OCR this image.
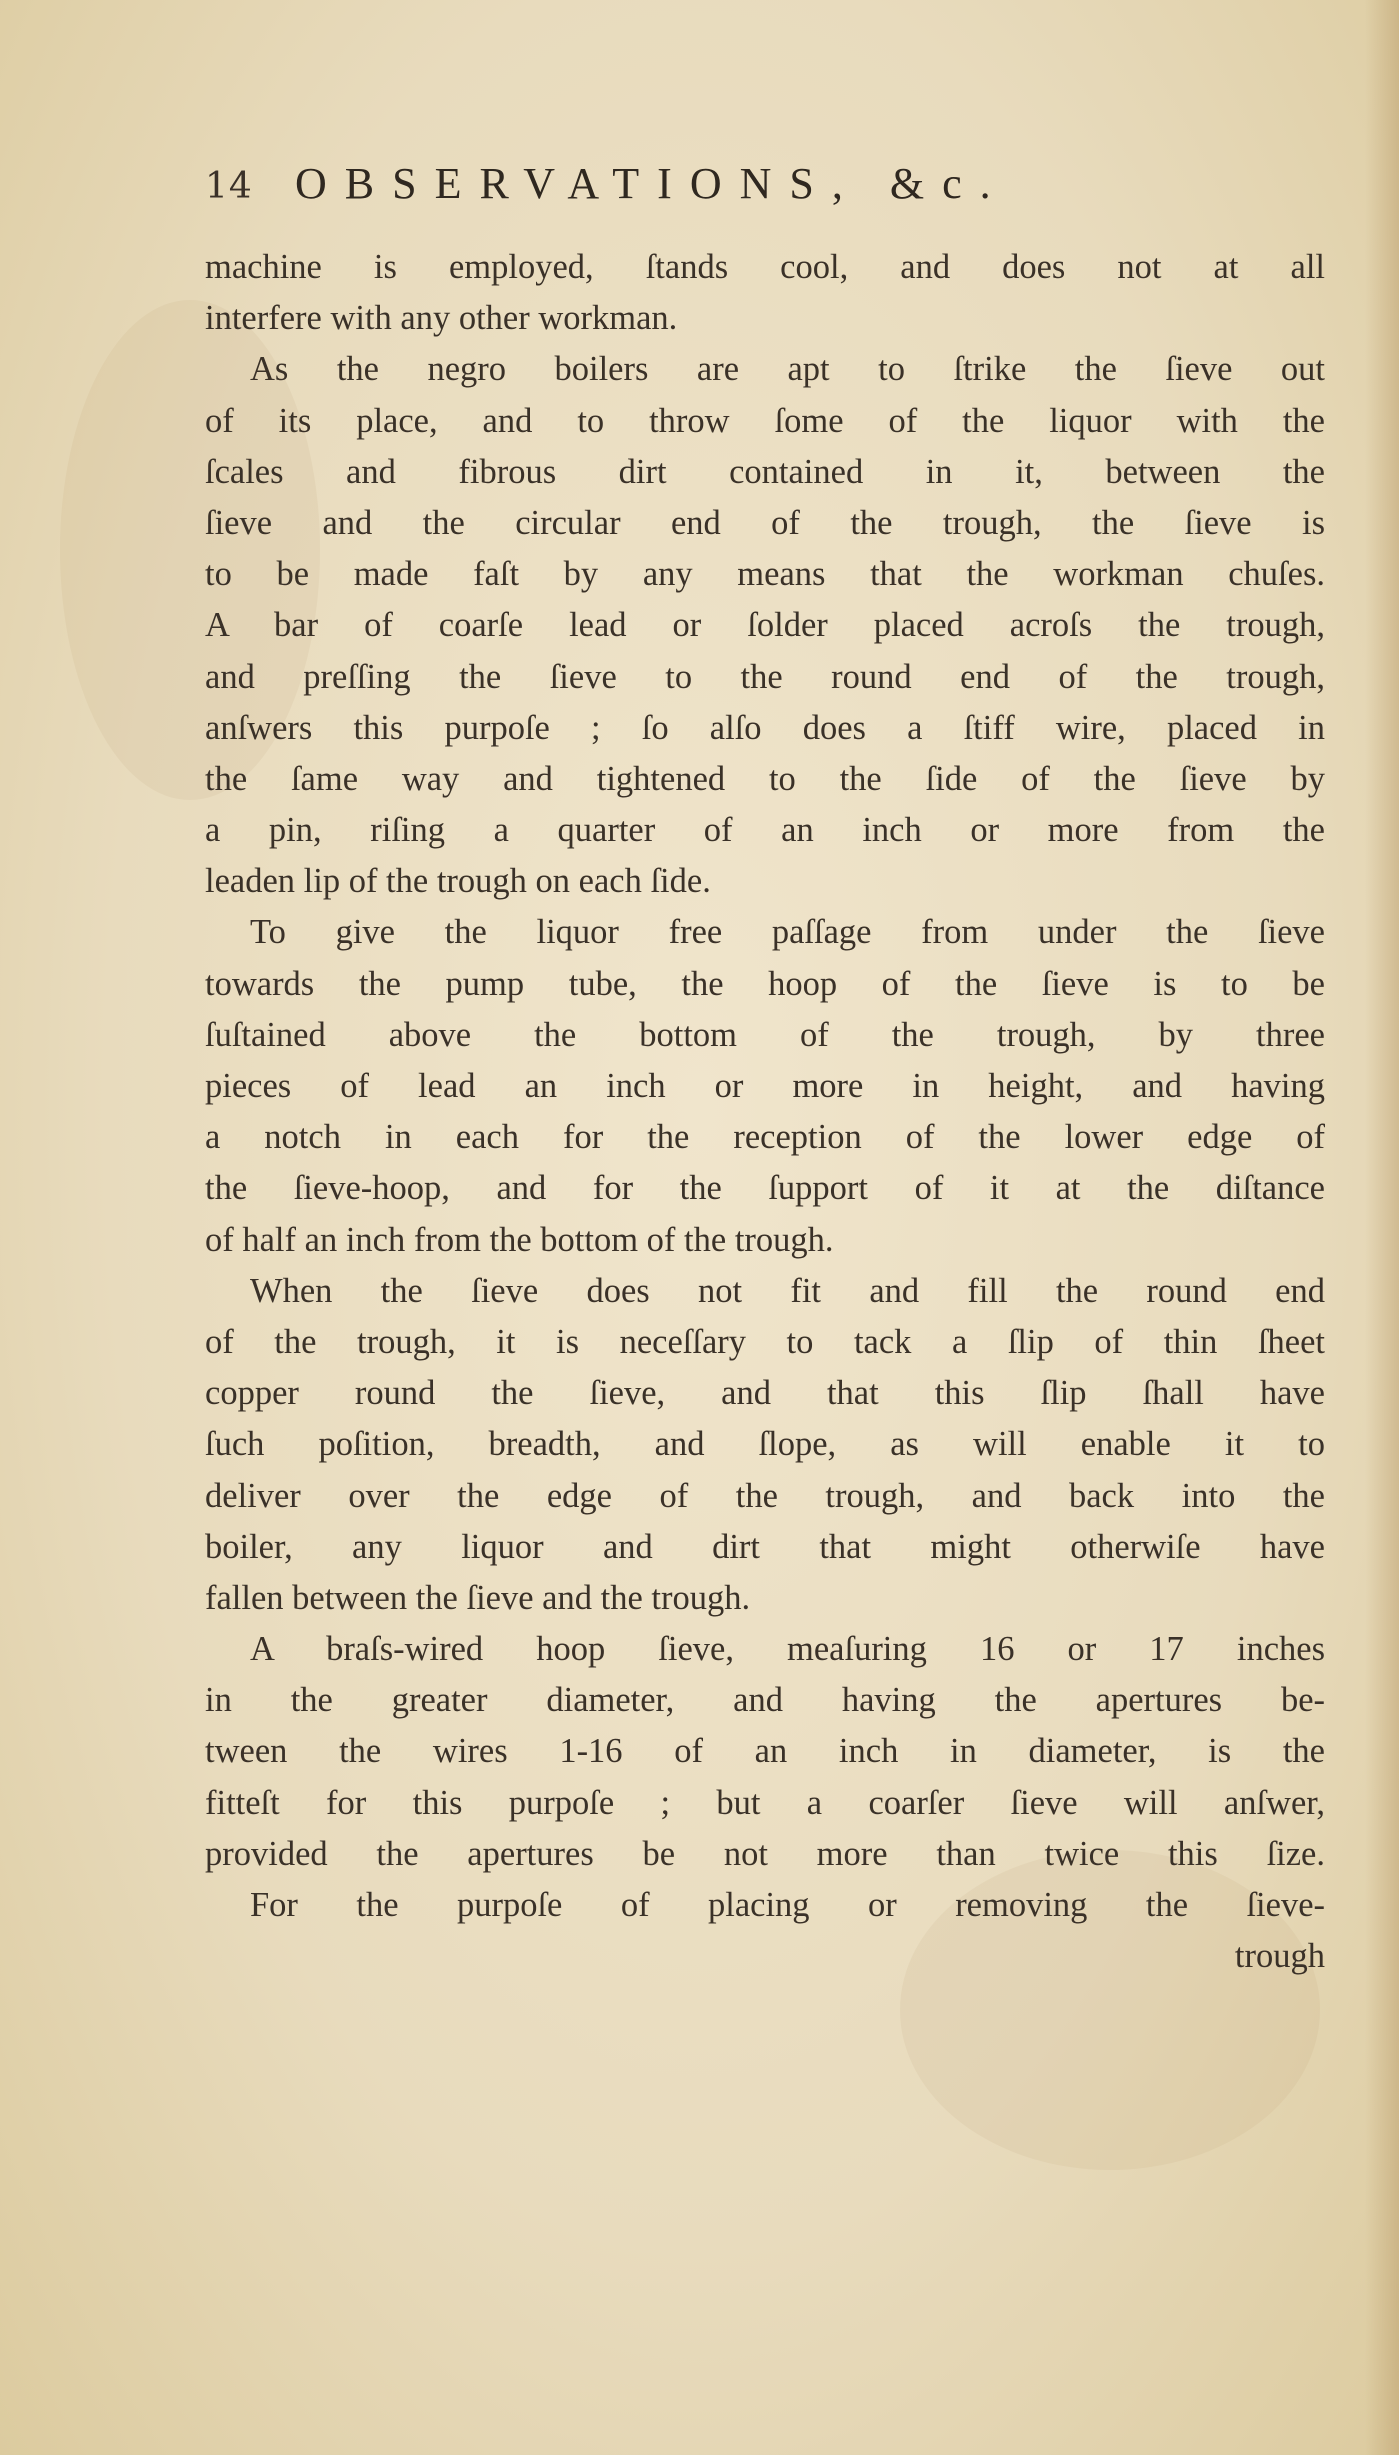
14 OBSERVATIONS, &c.
machine is employed, ſtands cool, and does not at all
interfere with any other workman.
As the negro boilers are apt to ſtrike the ſieve out
of its place, and to throw ſome of the liquor with the
ſcales and fibrous dirt contained in it, between the
ſieve and the circular end of the trough, the ſieve is
to be made faſt by any means that the workman chuſes.
A bar of coarſe lead or ſolder placed acroſs the trough,
and preſſing the ſieve to the round end of the trough,
anſwers this purpoſe ; ſo alſo does a ſtiff wire, placed in
the ſame way and tightened to the ſide of the ſieve by
a pin, riſing a quarter of an inch or more from the
leaden lip of the trough on each ſide.
To give the liquor free paſſage from under the ſieve
towards the pump tube, the hoop of the ſieve is to be
ſuſtained above the bottom of the trough, by three
pieces of lead an inch or more in height, and having
a notch in each for the reception of the lower edge of
the ſieve-hoop, and for the ſupport of it at the diſtance
of half an inch from the bottom of the trough.
When the ſieve does not fit and fill the round end
of the trough, it is neceſſary to tack a ſlip of thin ſheet
copper round the ſieve, and that this ſlip ſhall have
ſuch poſition, breadth, and ſlope, as will enable it to
deliver over the edge of the trough, and back into the
boiler, any liquor and dirt that might otherwiſe have
fallen between the ſieve and the trough.
A braſs-wired hoop ſieve, meaſuring 16 or 17 inches
in the greater diameter, and having the apertures be-
tween the wires 1-16 of an inch in diameter, is the
fitteſt for this purpoſe ; but a coarſer ſieve will anſwer,
provided the apertures be not more than twice this ſize.
For the purpoſe of placing or removing the ſieve-
trough
